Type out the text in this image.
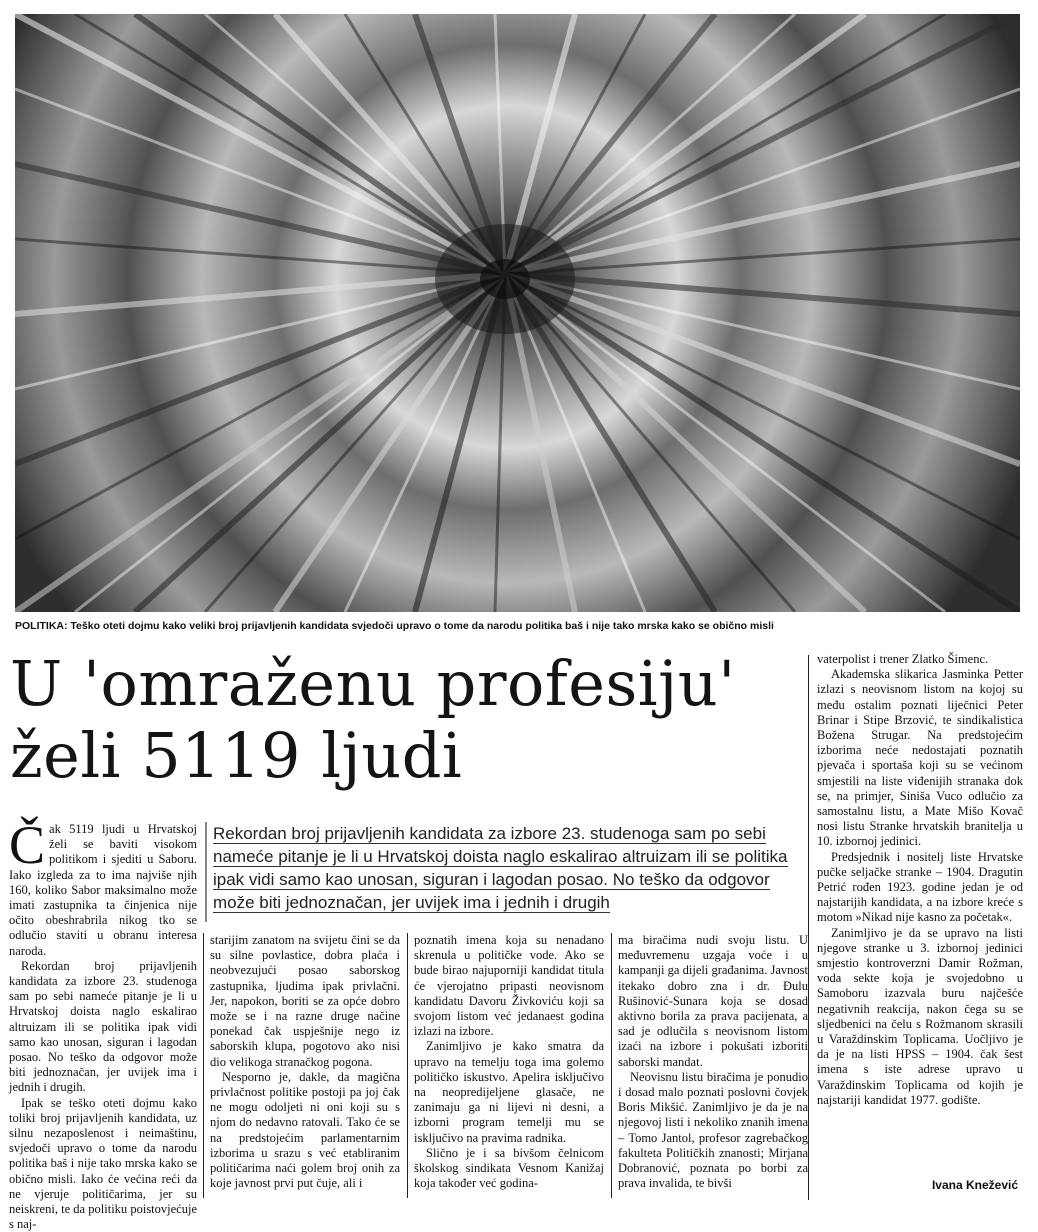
POLITIKA: Teško oteti dojmu kako veliki broj prijavljenih kandidata svjedoči upravo o tome da narodu politika baš i nije tako mrska kako se obično misli
U 'omraženu profesiju'
želi 5119 ljudi

vaterpolist i trener Zlatko Šimenc.

Akademska slikarica Jasminka Petter izlazi s neovisnom listom na kojoj su među ostalim poznati liječnici Peter Brinar i Stipe Brzović, te sindikalistica Božena Strugar. Na predstojećim izborima neće nedostajati poznatih pjevača i sportaša koji su se većinom smjestili na liste viđenijih stranaka dok se, na primjer, Siniša Vuco odlučio za samostalnu listu, a Mate Mišo Kovač nosi listu Stranke hrvatskih branitelja u 10. izbornoj jedinici.

Predsjednik i nositelj liste Hrvatske pučke seljačke stranke – 1904. Dragutin Petrić rođen 1923. godine jedan je od najstarijih kandidata, a na izbore kreće s motom »Nikad nije kasno za početak«.

Zanimljivo je da se upravo na listi njegove stranke u 3. izbornoj jedinici smjestio kontroverzni Damir Rožman, voda sekte koja je svojedobno u Samoboru izazvala buru najčešće negativnih reakcija, nakon čega su se sljedbenici na čelu s Rožmanom skrasili u Varaždinskim Toplicama. Uočljivo je da je na listi HPSS – 1904. čak šest imena s iste adrese upravo u Varaždinskim Toplicama od kojih je najstariji kandidat 1977. godište.

Ivana Knežević

Čak 5119 ljudi u Hrvatskoj želi se baviti visokom politikom i sjediti u Saboru. Iako izgleda za to ima najviše njih 160, koliko Sabor maksimalno može imati zastupnika ta činjenica nije očito obeshrabrila nikog tko se odlučio staviti u obranu interesa naroda.

Rekordan broj prijavljenih kandidata za izbore 23. studenoga sam po sebi nameće pitanje je li u Hrvatskoj doista naglo eskalirao altruizam ili se politika ipak vidi samo kao unosan, siguran i lagodan posao. No teško da odgovor može biti jednoznačan, jer uvijek ima i jednih i drugih.

Ipak se teško oteti dojmu kako toliki broj prijavljenih kandidata, uz silnu nezaposlenost i neimaštinu, svjedoči upravo o tome da narodu politika baš i nije tako mrska kako se obično misli. Iako će većina reći da ne vjeruje političarima, jer su neiskreni, te da politiku poistovjećuje s naj-

Rekordan broj prijavljenih kandidata za izbore 23. studenoga sam po sebi nameće pitanje je li u Hrvatskoj doista naglo eskalirao altruizam ili se politika ipak vidi samo kao unosan, siguran i lagodan posao. No teško da odgovor može biti jednoznačan, jer uvijek ima i jednih i drugih

starijim zanatom na svijetu čini se da su silne povlastice, dobra plaća i neobvezujući posao saborskog zastupnika, ljudima ipak privlačni. Jer, napokon, boriti se za opće dobro može se i na razne druge načine ponekad čak uspješnije nego iz saborskih klupa, pogotovo ako nisi dio velikoga stranačkog pogona.

Nesporno je, dakle, da magična privlačnost politike postoji pa joj čak ne mogu odoljeti ni oni koji su s njom do nedavno ratovali. Tako će se na predstojećim parlamentarnim izborima u srazu s već etabliranim političarima naći golem broj onih za koje javnost prvi put čuje, ali i

poznatih imena koja su nenadano skrenula u političke vode. Ako se bude birao najuporniji kandidat titula će vjerojatno pripasti neovisnom kandidatu Davoru Živkoviću koji sa svojom listom već jedanaest godina izlazi na izbore.

Zanimljivo je kako smatra da upravo na temelju toga ima golemo političko iskustvo. Apelira isključivo na neopredijeljene glasače, ne zanimaju ga ni lijevi ni desni, a izborni program temelji mu se isključivo na pravima radnika.

Slično je i sa bivšom čelnicom školskog sindikata Vesnom Kanižaj koja također već godina-

ma biračima nudi svoju listu. U međuvremenu uzgaja voće i u kampanji ga dijeli građanima. Javnost itekako dobro zna i dr. Đulu Rušinović-Sunara koja se dosad aktivno borila za prava pacijenata, a sad je odlučila s neovisnom listom izaći na izbore i pokušati izboriti saborski mandat.

Neovisnu listu biračima je ponudio i dosad malo poznati poslovni čovjek Boris Mikšić. Zanimljivo je da je na njegovoj listi i nekoliko znanih imena – Tomo Jantol, profesor zagrebačkog fakulteta Političkih znanosti; Mirjana Dobranović, poznata po borbi za prava invalida, te bivši
